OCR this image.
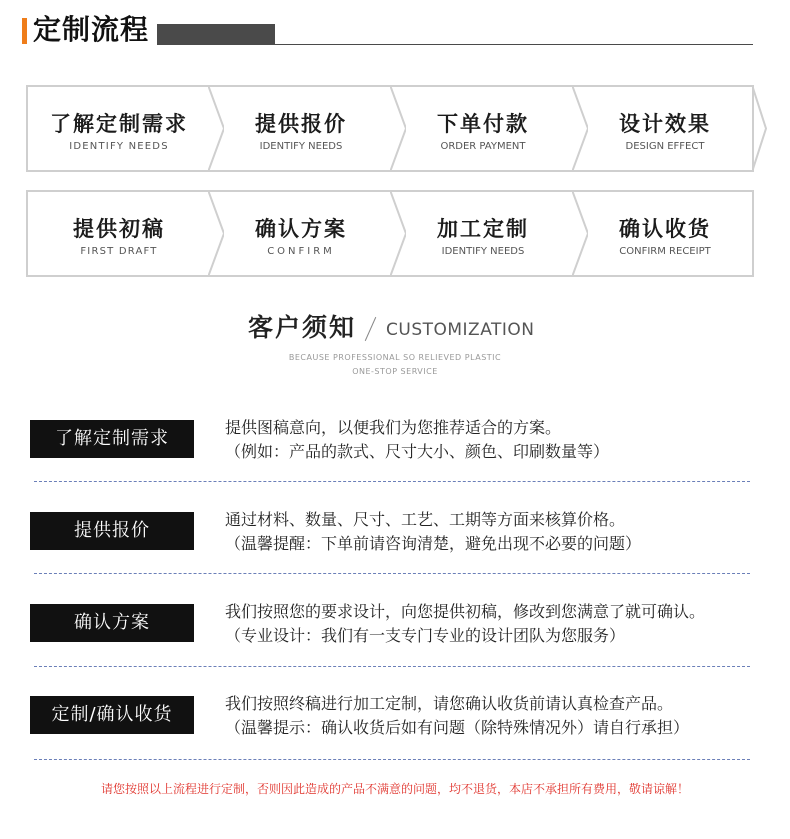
定制流程
了解定制需求
IDENTIFY NEEDS
提供报价
IDENTIFY NEEDS
下单付款
ORDER PAYMENT
设计效果
DESIGN EFFECT
提供初稿
FIRST DRAFT
确认方案
CONFIRM
加工定制
IDENTIFY NEEDS
确认收货
CONFIRM RECEIPT
客户须知 CUSTOMIZATION
BECAUSE PROFESSIONAL SO RELIEVED PLASTIC
ONE-STOP SERVICE
了解定制需求
提供图稿意向，以便我们为您推荐适合的方案。
（例如：产品的款式、尺寸大小、颜色、印刷数量等）
提供报价
通过材料、数量、尺寸、工艺、工期等方面来核算价格。
（温馨提醒：下单前请咨询清楚，避免出现不必要的问题）
确认方案
我们按照您的要求设计，向您提供初稿，修改到您满意了就可确认。
（专业设计：我们有一支专门专业的设计团队为您服务）
定制/确认收货
我们按照终稿进行加工定制，请您确认收货前请认真检查产品。
（温馨提示：确认收货后如有问题（除特殊情况外）请自行承担）
请您按照以上流程进行定制，否则因此造成的产品不满意的问题，均不退货，本店不承担所有费用，敬请谅解！
